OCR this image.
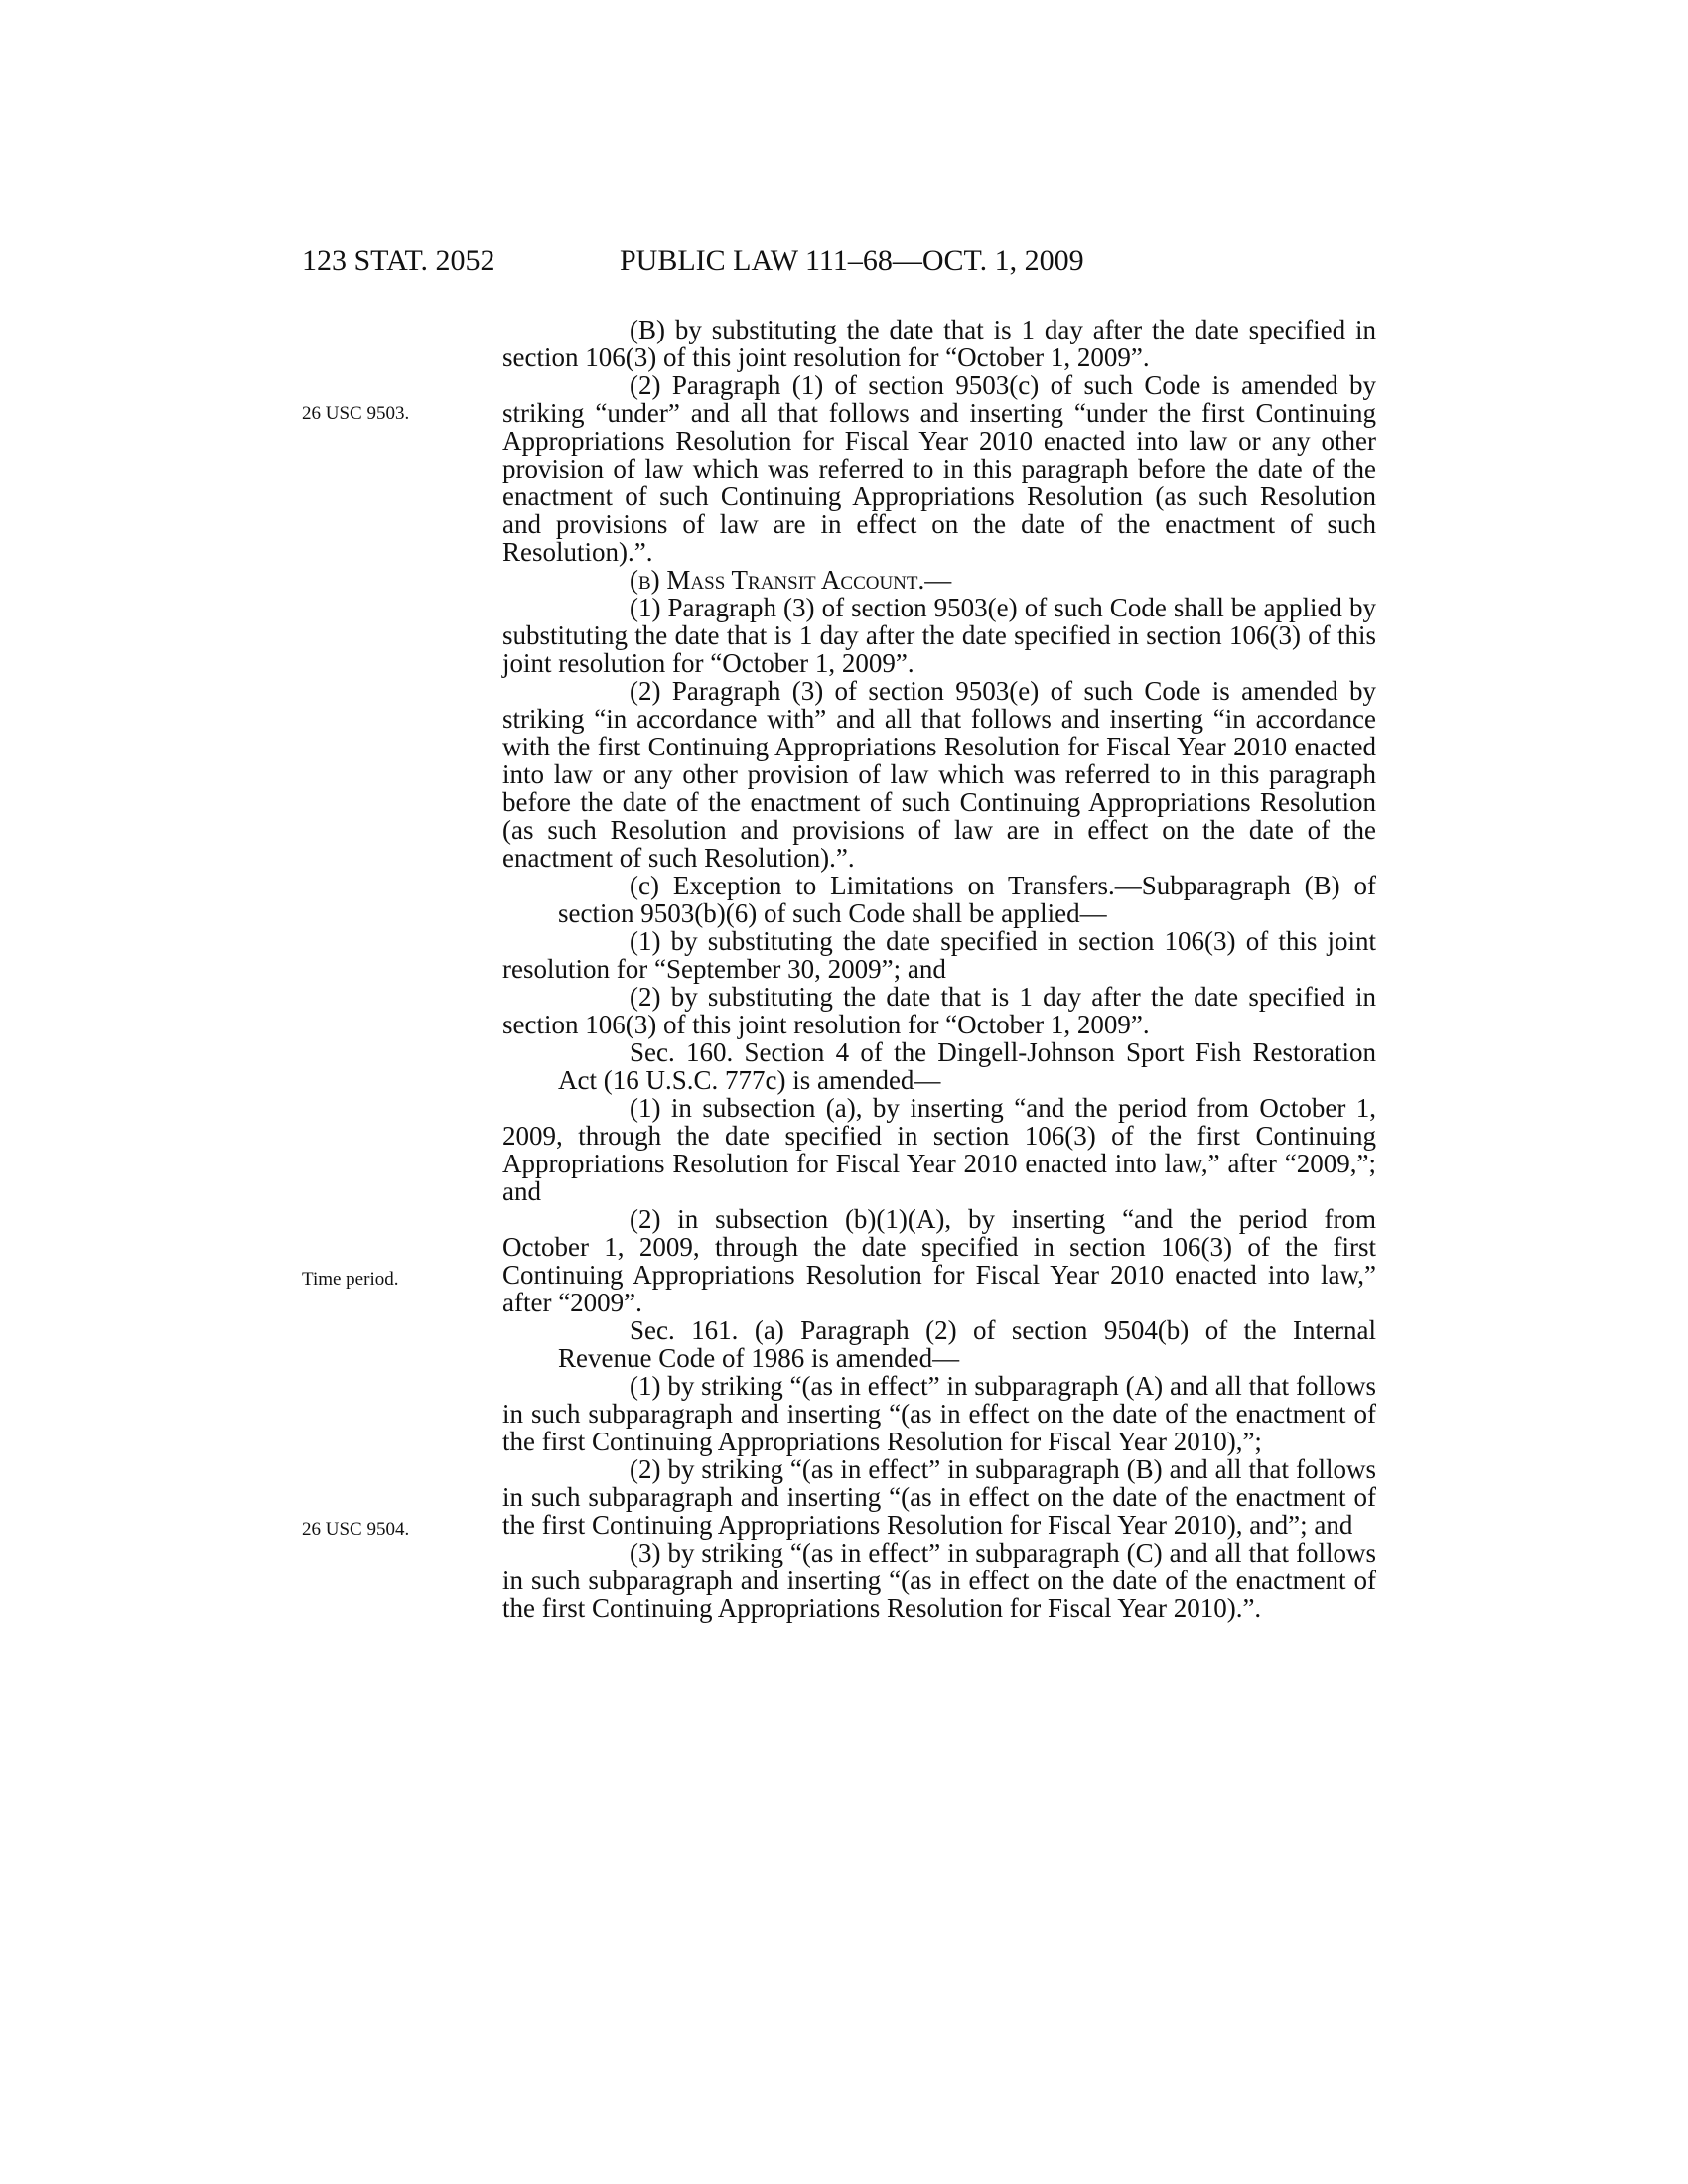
123 STAT. 2052	PUBLIC LAW 111–68—OCT. 1, 2009
26 USC 9503.
Time period.
26 USC 9504.

(B) by substituting the date that is 1 day after the date specified in section 106(3) of this joint resolution for “October 1, 2009”.

(2) Paragraph (1) of section 9503(c) of such Code is amended by striking “under” and all that follows and inserting “under the first Continuing Appropriations Resolution for Fiscal Year 2010 enacted into law or any other provision of law which was referred to in this paragraph before the date of the enactment of such Continuing Appropriations Resolution (as such Resolution and provisions of law are in effect on the date of the enactment of such Resolution).”.

(b) Mass Transit Account.—

(1) Paragraph (3) of section 9503(e) of such Code shall be applied by substituting the date that is 1 day after the date specified in section 106(3) of this joint resolution for “October 1, 2009”.

(2) Paragraph (3) of section 9503(e) of such Code is amended by striking “in accordance with” and all that follows and inserting “in accordance with the first Continuing Appropriations Resolution for Fiscal Year 2010 enacted into law or any other provision of law which was referred to in this paragraph before the date of the enactment of such Continuing Appropriations Resolution (as such Resolution and provisions of law are in effect on the date of the enactment of such Resolution).”.

(c) Exception to Limitations on Transfers.—Subparagraph (B) of section 9503(b)(6) of such Code shall be applied—

(1) by substituting the date specified in section 106(3) of this joint resolution for “September 30, 2009”; and

(2) by substituting the date that is 1 day after the date specified in section 106(3) of this joint resolution for “October 1, 2009”.

Sec. 160. Section 4 of the Dingell-Johnson Sport Fish Restoration Act (16 U.S.C. 777c) is amended—

(1) in subsection (a), by inserting “and the period from October 1, 2009, through the date specified in section 106(3) of the first Continuing Appropriations Resolution for Fiscal Year 2010 enacted into law,” after “2009,”; and

(2) in subsection (b)(1)(A), by inserting “and the period from October 1, 2009, through the date specified in section 106(3) of the first Continuing Appropriations Resolution for Fiscal Year 2010 enacted into law,” after “2009”.

Sec. 161. (a) Paragraph (2) of section 9504(b) of the Internal Revenue Code of 1986 is amended—

(1) by striking “(as in effect” in subparagraph (A) and all that follows in such subparagraph and inserting “(as in effect on the date of the enactment of the first Continuing Appropriations Resolution for Fiscal Year 2010),”;

(2) by striking “(as in effect” in subparagraph (B) and all that follows in such subparagraph and inserting “(as in effect on the date of the enactment of the first Continuing Appropriations Resolution for Fiscal Year 2010), and”; and

(3) by striking “(as in effect” in subparagraph (C) and all that follows in such subparagraph and inserting “(as in effect on the date of the enactment of the first Continuing Appropriations Resolution for Fiscal Year 2010).”.
